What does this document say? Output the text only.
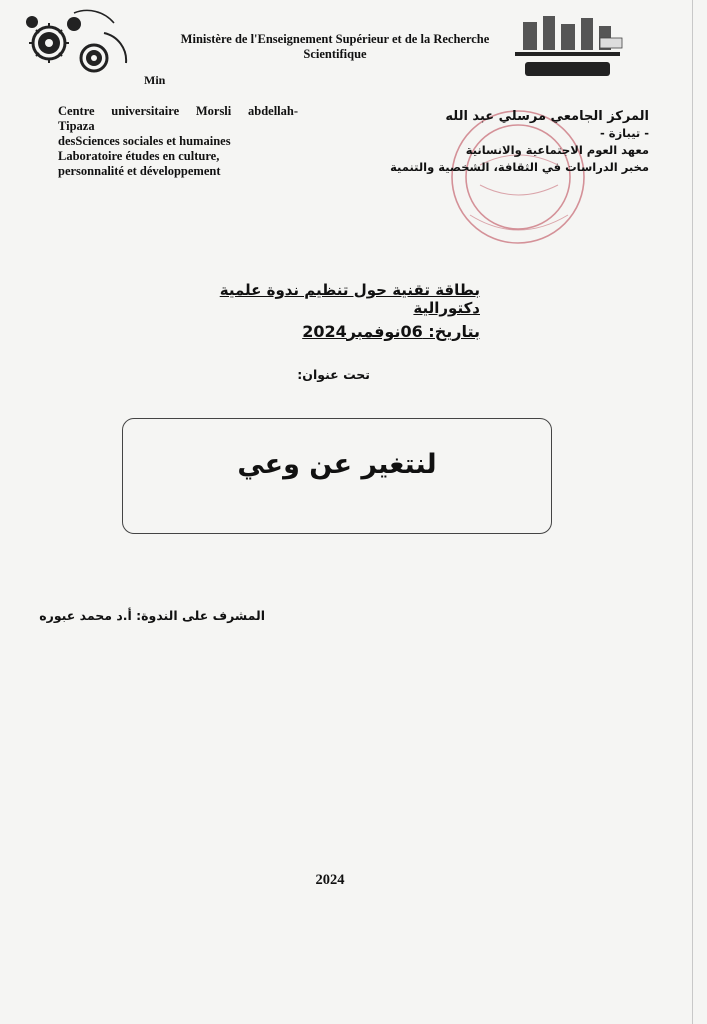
Ministère de l'Enseignement Supérieur et de la Recherche
Scientifique
Min
Centre universitaire Morsli abdellah-
Tipaza
desSciences sociales et humaines
Laboratoire études en culture,
personnalité et développement
المركز الجامعي مرسلي عبد الله
- تيبازة -
معهد العوم الاجتماعية والانسانية
مخبر الدراسات في الثقافة، الشخصية والتنمية
بطاقة تقنية حول تنظيم ندوة علمية دكتورالية
بتاريخ: 06نوفمبر2024
تحت عنوان:
لنتغير عن وعي
المشرف على الندوة: أ.د محمد عبوره
2024
